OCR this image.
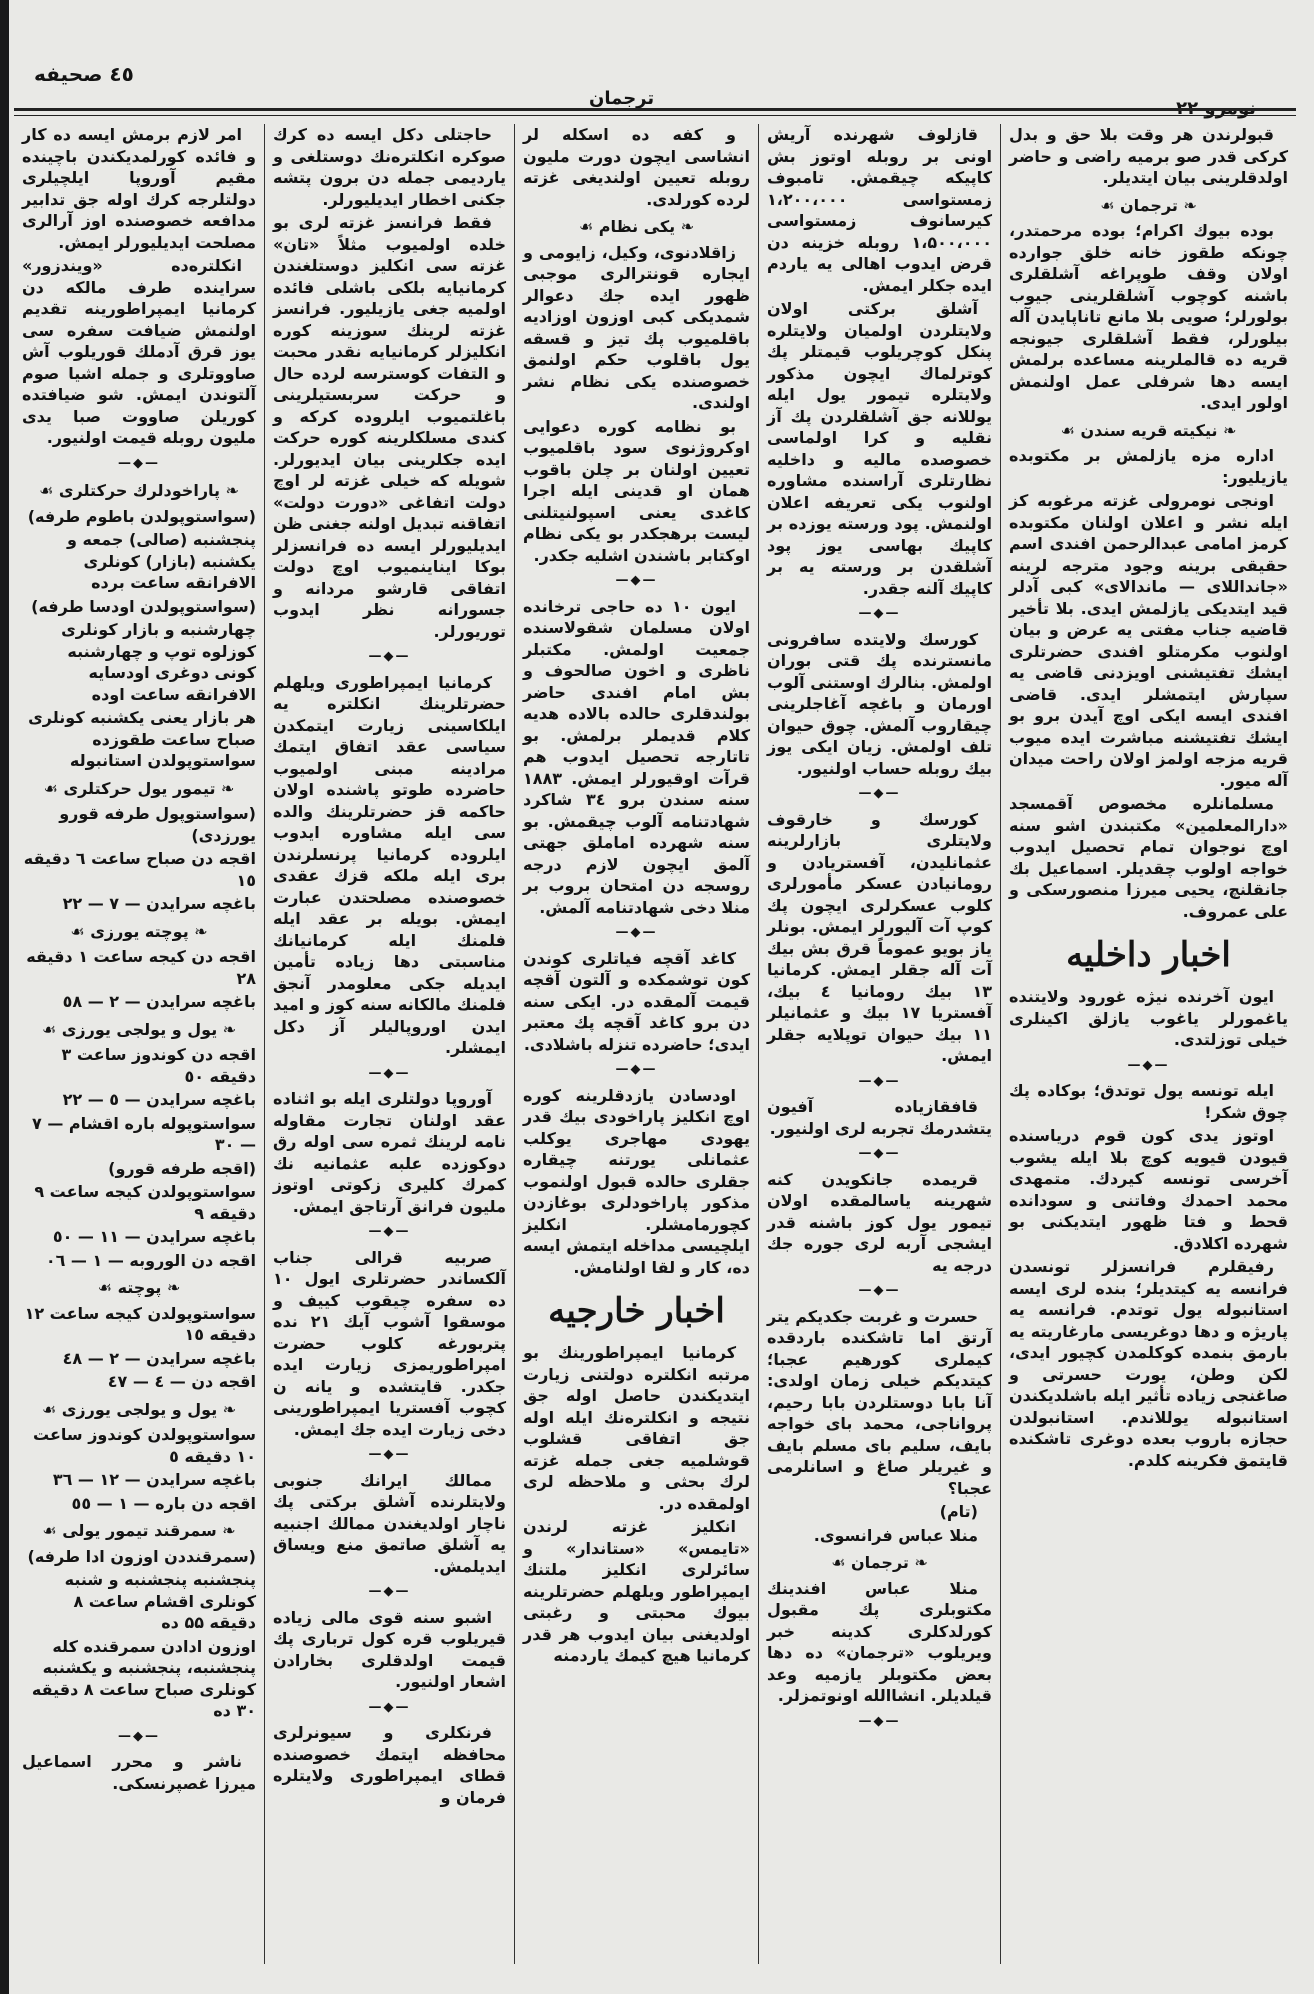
٤٥ صحیفه
ترجمان	نومرو ٢٢

قبولرندن هر وقت بلا حق و بدل کرکی قدر صو برمیه راضی و حاضر اولدقلرینی بیان ایتدیلر.

❧ ترجمان ☙

بوده بیوك اکرام؛ بوده مرحمتدر، چونکه طقوز خانه خلق جوارده اولان وقف طوپراغه آشلقلری باشنه کوچوب آشلقلرینی جیوب بولورلر؛ صویی بلا مانع تاناپایدن آله بیلورلر، فقط آشلقلری جیونجه قریه ده قالملرینه مساعده برلمش ایسه دها شرفلی عمل اولنمش اولور ایدی.

❧ نیکیته قریه سندن ☙

اداره مزه یازلمش بر مکتوبده یازیلیور:

اونجی نومرولی غزته مرغوبه کز ایله نشر و اعلان اولنان مکتوبده کرمز امامی عبدالرحمن افندی اسم حقیقی برینه وجود مترجه لرینه «جانداللای — ماندالای» کبی آدلر قید ایتدیکی یازلمش ایدی. بلا تأخیر قاضیه جناب مفتی یه عرض و بیان اولنوب مکرمتلو افندی حضرتلری ایشك تفتیشنی اویزدنی قاضی یه سپارش ایتمشلر ایدی. قاضی افندی ایسه ایکی اوچ آیدن برو بو ایشك تفتیشنه مباشرت ایده میوب قریه مزجه اولمز اولان راحت میدان آله میور.

مسلمانلره مخصوص آقمسجد «دارالمعلمین» مکتبندن اشو سنه اوچ نوجوان تمام تحصیل ایدوب خواجه اولوب چقدیلر. اسماعیل بك جانقلنچ، یحیی میرزا منصورسکی و علی عمروف.

اخبار داخلیه

ایون آخرنده نیژه غورود ولایتنده یاغمورلر یاغوب یازلق اکینلری خیلی توزلتدی.

—◆—

ایله تونسه یول توتدق؛ بوکاده پك چوق شکر!

اوتوز یدی کون قوم دریاسنده قیودن قیویه کوچ بلا ایله یشوب آخرسی تونسه کیردك. متمهدی محمد احمدك وفاتنی و سودانده قحط و فتا ظهور ایتدیکنی بو شهرده اکلادق.

رفیقلرم فرانسزلر تونسدن فرانسه یه کیتدیلر؛ بنده لری ایسه استانبوله یول توتدم. فرانسه یه پاریژه و دها دوغریسی مارغاریته یه بارمق بنمده کوکلمدن کچیور ایدی، لکن وطن، یورت حسرتی و صاغنجی زیاده تأثیر ایله باشلدیکندن استانبوله یوللاندم. استانبولدن حجازه باروب بعده دوغری تاشکنده قایتمق فکرینه کلدم.

قازلوف شهرنده آریش اونی بر روبله اوتوز بش کاپیکه چیقمش. تامبوف زمستواسی ۱،۲۰۰،۰۰۰ کیرسانوف زمستواسی ۱،۵۰۰،۰۰۰ روبله خزینه دن قرض ایدوب اهالی یه یاردم ایده جکلر ایمش.

آشلق برکتی اولان ولایتلردن اولمیان ولایتلره پنکل کوچریلوب قیمتلر پك کوترلماك ایچون مذکور ولایتلره تیمور یول ایله یوللانه جق آشلقلردن پك آز نقلیه و کرا اولماسی خصوصده مالیه و داخلیه نظارتلری آراسنده مشاوره اولنوب یکی تعریفه اعلان اولنمش. پود ورسته یوزده بر کاپیك بهاسی یوز پود آشلقدن بر ورسته یه بر کاپیك آلنه جقدر.

—◆—

کورسك ولایتده سافرونی مانسترنده پك قتی بوران اولمش. بنالرك اوستنی آلوب اورمان و باغچه آغاجلرینی چیقاروب آلمش. چوق حیوان تلف اولمش. زیان ایکی یوز بیك روبله حساب اولنیور.

—◆—

کورسك و خارقوف ولایتلری بازارلرینه عثمانلیدن، آفستریادن و رومانیادن عسکر مأمورلری کلوب عسکرلری ایچون پك کوپ آت آلیورلر ایمش. بونلر یاز بویو عموماً قرق بش بیك آت آله جقلر ایمش. کرمانیا ۱۳ بیك رومانیا ٤ بیك، آفستریا ۱۷ بیك و عثمانیلر ۱۱ بیك حیوان توپلایه جقلر ایمش.

—◆—

قافقازیاده آفیون یتشدرمك تجربه لری اولنیور.

—◆—

قریمده جانکویدن کنه شهرینه یاسالمقده اولان تیمور یول کوز باشنه قدر ایشجی آربه لری جوره جك درجه یه

—◆—

حسرت و غربت جکدیکم یتر آرتق اما تاشکنده باردقده کیملری کورهیم عجبا؛ کیتدیکم خیلی زمان اولدی: آنا بابا دوستلردن بابا رحیم، پرواناجی، محمد بای خواجه بایف، سلیم بای مسلم بایف و غیریلر صاغ و اسانلرمی عجبا؟

(تام)

منلا عباس فرانسوی.

❧ ترجمان ☙

منلا عباس افندینك مکتوبلری پك مقبول کورلدکلری کدینه خبر ویریلوب «ترجمان» ده دها بعض مکتوبلر یازمیه وعد قیلدیلر. انشاالله اونوتمزلر.

—◆—

و کفه ده اسکله لر انشاسی ایچون دورت ملیون روبله تعیین اولندیغی غزته لرده کورلدی.

❧ یکی نظام ☙

زاقلادنوی، وکیل، زایومی و ایجاره قونترالری موجبی ظهور ایده جك دعوالر شمدیکی کبی اوزون اوزادیه باقلمیوب پك تیز و قسقه یول باقلوب حکم اولنمق خصوصنده یکی نظام نشر اولندی.

بو نظامه کوره دعوایی اوکروژنوی سود باقلمیوب تعیین اولنان بر چلن باقوب همان او قدینی ایله اجرا کاغدی یعنی اسپولنیتلنی لیست برهجکدر بو یکی نظام اوکتابر باشندن اشلیه جکدر.

—◆—

ایون ۱۰ ده حاجی ترخانده اولان مسلمان شقولاسنده جمعیت اولمش. مکتبلر ناظری و اخون صالحوف و بش امام افندی حاضر بولندقلری حالده بالاده هدیه کلام قدیملر برلمش. بو تاتارجه تحصیل ایدوب هم قرآت اوقیورلر ایمش. ۱۸۸۳ سنه سندن برو ۳٤ شاکرد شهادتنامه آلوب چیقمش. بو سنه شهرده اماملق جهتی آلمق ایچون لازم درجه روسجه دن امتحان بروب بر منلا دخی شهادتنامه آلمش.

—◆—

کاغد آقچه فیاتلری کوندن کون توشمکده و آلتون آقچه قیمت آلمقده در. ایکی سنه دن برو کاغد آقچه پك معتبر ایدی؛ حاضرده تنزله باشلادی.

—◆—

اودسادن یازدقلرینه کوره اوچ انکلیز پاراخودی بیك قدر یهودی مهاجری یوکلب عثمانلی یورتنه چیقاره جقلری حالده قبول اولنموب مذکور پاراخودلری بوغازدن کچورمامشلر. انکلیز ایلچیسی مداخله ایتمش ایسه ده، کار و لقا اولنامش.

اخبار خارجیه

کرمانیا ایمپراطورینك بو مرتبه انکلتره دولتنی زیارت ایتدیکندن حاصل اوله جق نتیجه و انکلترەنك ایله اوله جق اتفاقی قشلوب قوشلمیه جغی جمله غزته لرك بحثی و ملاحظه لری اولمقده در.

انکلیز غزته لرندن «تایمس» «ستاندار» و سائرلری انکلیز ملتنك ایمپراطور ویلهلم حضرتلرینه بیوك محبتی و رغبتی اولدیغنی بیان ایدوب هر قدر کرمانیا هیچ کیمك یاردمنه

حاجتلی دکل ایسه ده کرك صوکره انکلترەنك دوستلغی و یاردیمی جمله دن برون پتشه جکنی اخطار ایدیلیورلر.

فقط فرانسز غزته لری بو خلده اولمیوب مثلاً «تان» غزته سی انکلیز دوستلغندن کرمانیایه بلکی باشلی فائده اولمیه جغی یازیلیور. فرانسز غزته لرینك سوزینه کوره انکلیزلر کرمانیایه نقدر محبت و التفات کوسترسه لرده حال و حرکت سربستیلرینی باغلتمیوب ایلروده کرکه و کندی مسلکلرینه کوره حرکت ایده جکلرینی بیان ایدیورلر. شویله که خیلی غزته لر اوچ دولت اتفاغی «دورت دولت» اتفاقنه تبدیل اولنه جغنی ظن ایدیلیورلر ایسه ده فرانسزلر بوکا ایناینمیوب اوچ دولت اتفاقی قارشو مردانه و جسورانه نظر ایدوب توریورلر.

—◆—

کرمانیا ایمپراطوری ویلهلم حضرتلرینك انکلتره یه ایلکاسینی زیارت ایتمکدن سیاسی عقد اتفاق ایتمك مرادینه مبنی اولمیوب حاضرده طوتو پاشنده اولان حاکمه قز حضرتلرینك والده سی ایله مشاوره ایدوب ایلروده کرمانیا پرنسلرندن بری ایله ملکه قزك عقدی خصوصنده مصلحتدن عبارت ایمش. بویله بر عقد ایله فلمنك ایله کرمانیانك مناسبتی دها زیاده تأمین ایدیله جکی معلومدر آنجق فلمنك مالکانه سنه کوز و امید ایدن اوروپالیلر آز دکل ایمشلر.

—◆—

آوروپا دولتلری ایله بو اثناده عقد اولنان تجارت مقاوله نامه لرینك ثمره سی اوله رق دوکوزده علبه عثمانیه نك کمرك کلیری زکوتی اوتوز ملیون فرانق آرتاجق ایمش.

—◆—

صربیه قرالی جناب آلکساندر حضرتلری ایول ۱۰ ده سفره چیقوب کییف و موسقوا آشوب آیك ۲۱ نده پتربورغه کلوب حضرت امپراطوریمزی زیارت ایده جکدر. قایتشده و یانه ن کچوب آفستریا ایمپراطورینی دخی زیارت ایده جك ایمش.

—◆—

ممالك ایرانك جنوبی ولایتلرنده آشلق برکتی پك ناچار اولدیغندن ممالك اجنبیه یه آشلق صاتمق منع ویساق ایدیلمش.

—◆—

اشبو سنه قوی مالی زیاده قیریلوب قره کول ترباری پك قیمت اولدقلری بخارادن اشعار اولنیور.

—◆—

فرنکلری و سیونرلری محافظه ایتمك خصوصنده قطای ایمپراطوری ولایتلره فرمان و

امر لازم برمش ایسه ده کار و فائده کورلمدیکندن باچینده مقیم آوروپا ایلچیلری دولتلرجه کرك اوله جق تدابیر مدافعه خصوصنده اوز آرالری مصلحت ایدیلیورلر ایمش.

انکلترەده «ویندزور» سراینده طرف مالکه دن کرمانیا ایمپراطورینه تقدیم اولنمش ضیافت سفره سی یوز قرق آدملك قوریلوب آش صاووتلری و جمله اشیا صوم آلتوندن ایمش. شو ضیافتده کوریلن صاووت صبا یدی ملیون روبله قیمت اولنیور.

—◆—
❧ پاراخودلرك حرکتلری ☙

(سواستوپولدن باطوم طرفه)

پنجشنبه (صالی) جمعه و یکشنبه (بازار) کونلری الافرانقه ساعت برده

(سواستوپولدن اودسا طرفه)

چهارشنبه و بازار کونلری کوزلوه توپ و چهارشنبه کونی دوغری اودسایه الافرانقه ساعت اوده

هر بازار یعنی یکشنبه کونلری صباح ساعت طقوزده سواستوپولدن استانبوله

❧ تیمور یول حرکتلری ☙

(سواستوپول طرفه قورو یورزدی)

اقجه دن صباح ساعت ٦ دقیقه ١٥

باغچه سرایدن — ٧ — ٢٢

❧ پوچته یورزی ☙

اقجه دن کیجه ساعت ١ دقیقه ٢٨

باغچه سرایدن — ٢ — ٥٨

❧ یول و یولجی یورزی ☙

اقجه دن کوندوز ساعت ٣ دقیقه ٥٠

باغچه سرایدن — ٥ — ٢٢

سواستوپوله باره اقشام — ٧ — ٣٠

(اقجه طرفه قورو)

سواستوپولدن کیجه ساعت ٩ دقیقه ٩

باغچه سرایدن — ١١ — ٥٠

اقجه دن الوروبه — ١ — ٠٦

❧ پوچته ☙

سواستوپولدن کیجه ساعت ١٢ دقیقه ١٥

باغچه سرایدن — ٢ — ٤٨

اقجه دن — ٤ — ٤٧

❧ یول و یولجی یورزی ☙

سواستوپولدن کوندوز ساعت ١٠ دقیقه ٥

باغچه سرایدن — ١٢ — ٣٦

اقجه دن باره — ١ — ٥٥

❧ سمرقند تیمور یولی ☙

(سمرقنددن اوزون ادا طرفه)

پنجشنبه پنجشنبه و شنبه کونلری اقشام ساعت ۸ دقیقه ۵۵ ده

اوزون ادادن سمرقنده کله پنجشنبه، پنجشنبه و یکشنبه کونلری صباح ساعت ۸ دقیقه ۳۰ ده

—◆—

ناشر و محرر اسماعیل میرزا غصپرنسکی.
